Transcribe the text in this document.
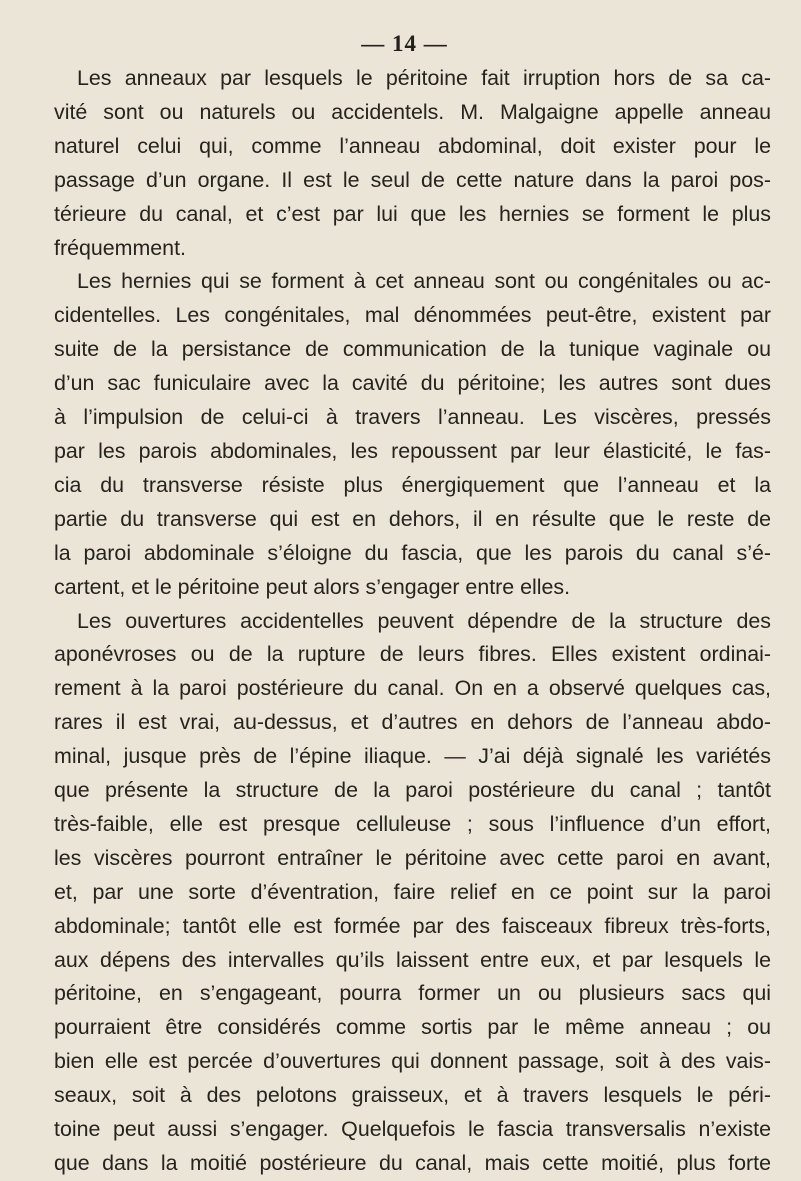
— 14 —
Les anneaux par lesquels le péritoine fait irruption hors de sa ca-
vité sont ou naturels ou accidentels. M. Malgaigne appelle anneau
naturel celui qui, comme l’anneau abdominal, doit exister pour le
passage d’un organe. Il est le seul de cette nature dans la paroi pos-
térieure du canal, et c’est par lui que les hernies se forment le plus
fréquemment.
Les hernies qui se forment à cet anneau sont ou congénitales ou ac-
cidentelles. Les congénitales, mal dénommées peut-être, existent par
suite de la persistance de communication de la tunique vaginale ou
d’un sac funiculaire avec la cavité du péritoine; les autres sont dues
à l’impulsion de celui-ci à travers l’anneau. Les viscères, pressés
par les parois abdominales, les repoussent par leur élasticité, le fas-
cia du transverse résiste plus énergiquement que l’anneau et la
partie du transverse qui est en dehors, il en résulte que le reste de
la paroi abdominale s’éloigne du fascia, que les parois du canal s’é-
cartent, et le péritoine peut alors s’engager entre elles.
Les ouvertures accidentelles peuvent dépendre de la structure des
aponévroses ou de la rupture de leurs fibres. Elles existent ordinai-
rement à la paroi postérieure du canal. On en a observé quelques cas,
rares il est vrai, au-dessus, et d’autres en dehors de l’anneau abdo-
minal, jusque près de l’épine iliaque. — J’ai déjà signalé les variétés
que présente la structure de la paroi postérieure du canal ; tantôt
très-faible, elle est presque celluleuse ; sous l’influence d’un effort,
les viscères pourront entraîner le péritoine avec cette paroi en avant,
et, par une sorte d’éventration, faire relief en ce point sur la paroi
abdominale; tantôt elle est formée par des faisceaux fibreux très-forts,
aux dépens des intervalles qu’ils laissent entre eux, et par lesquels le
péritoine, en s’engageant, pourra former un ou plusieurs sacs qui
pourraient être considérés comme sortis par le même anneau ; ou
bien elle est percée d’ouvertures qui donnent passage, soit à des vais-
seaux, soit à des pelotons graisseux, et à travers lesquels le péri-
toine peut aussi s’engager. Quelquefois le fascia transversalis n’existe
que dans la moitié postérieure du canal, mais cette moitié, plus forte
